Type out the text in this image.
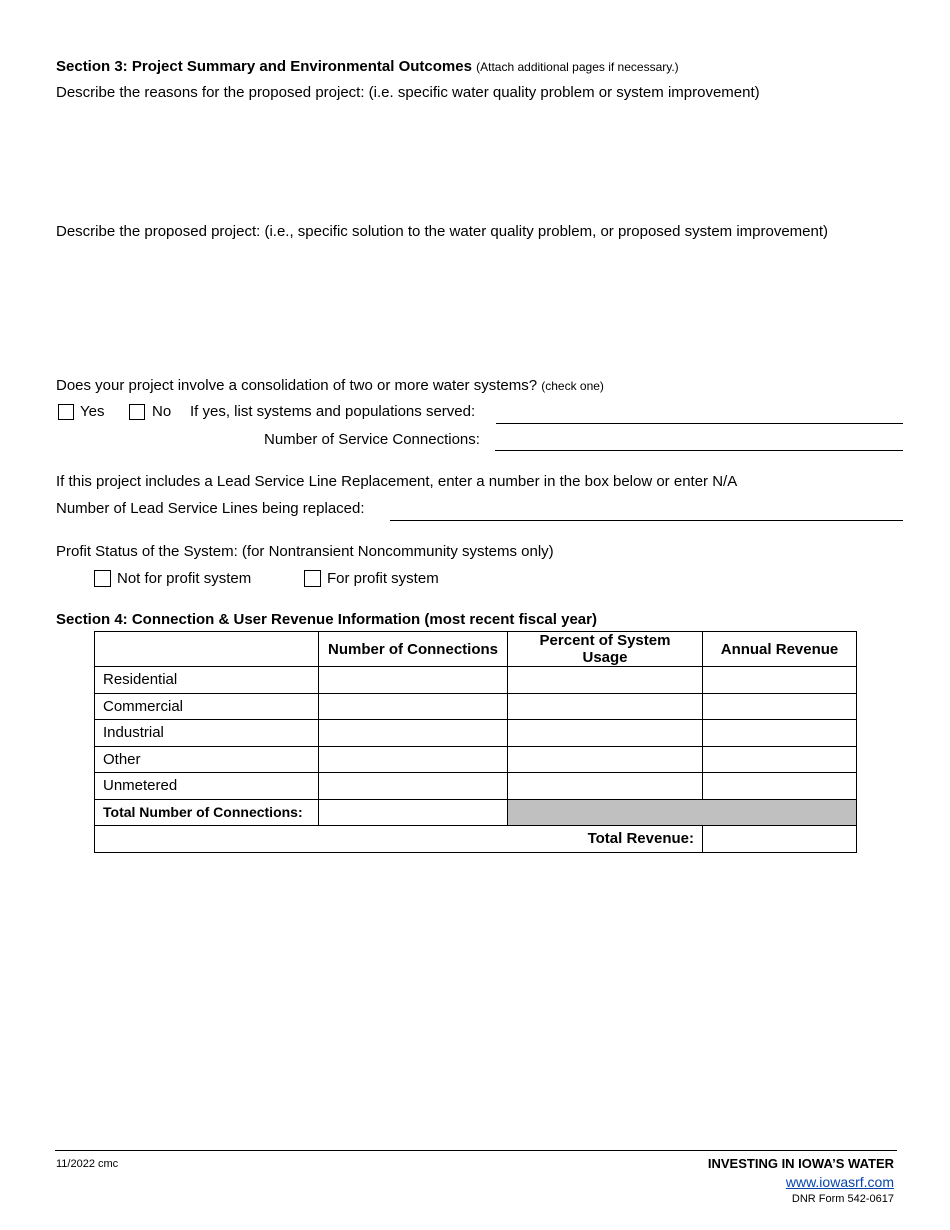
Section 3: Project Summary and Environmental Outcomes (Attach additional pages if necessary.)
Describe the reasons for the proposed project: (i.e. specific water quality problem or system improvement)
Describe the proposed project: (i.e., specific solution to the water quality problem, or proposed system improvement)
Does your project involve a consolidation of two or more water systems? (check one)
Yes	No If yes, list systems and populations served:
Number of Service Connections:
If this project includes a Lead Service Line Replacement, enter a number in the box below or enter N/A
Number of Lead Service Lines being replaced:
Profit Status of the System: (for Nontransient Noncommunity systems only)
Not for profit system	For profit system
Section 4: Connection & User Revenue Information (most recent fiscal year)
	Number of Connections	Percent of System Usage	Annual Revenue
Residential			
Commercial			
Industrial			
Other			
Unmetered			
Total Number of Connections:			
Total Revenue:			
11/2022 cmc	INVESTING IN IOWA’S WATER
www.iowasrf.com
DNR Form 542-0617
